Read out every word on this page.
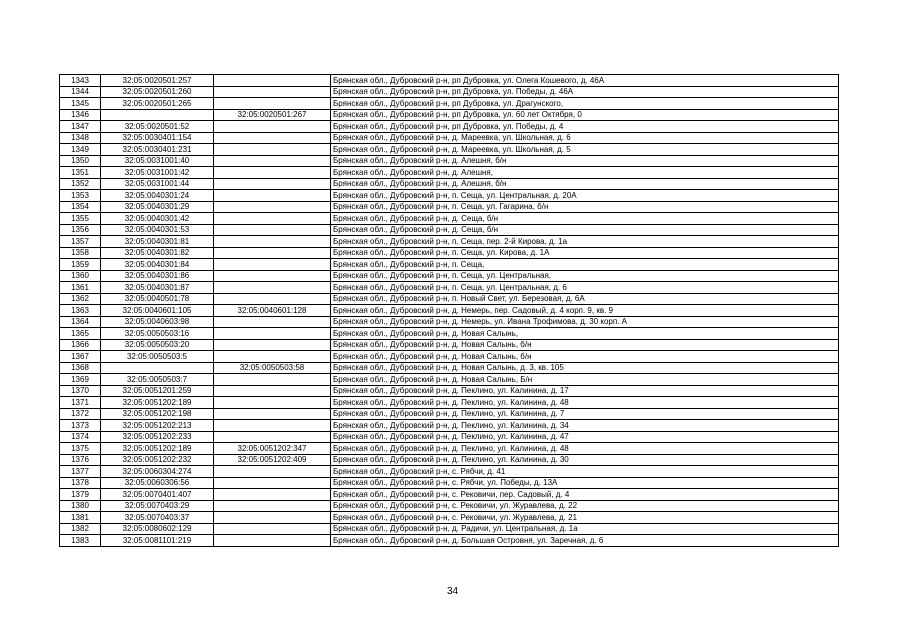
1343	32:05:0020501:257		Брянская обл., Дубровский р-н, рп Дубровка, ул. Олега Кошевого, д. 46А
1344	32:05:0020501:260		Брянская обл., Дубровский р-н, рп Дубровка, ул. Победы, д. 46А
1345	32:05:0020501:265		Брянская обл., Дубровский р-н, рп Дубровка, ул. Драгунского,
1346		32:05:0020501:267	Брянская обл., Дубровский р-н, рп Дубровка, ул. 60 лет Октября, 0
1347	32:05:0020501:52		Брянская обл., Дубровский р-н, рп Дубровка, ул. Победы, д. 4
1348	32:05:0030401:154		Брянская обл., Дубровский р-н, д. Мареевка, ул. Школьная, д. 6
1349	32:05:0030401:231		Брянская обл., Дубровский р-н, д. Мареевка, ул. Школьная, д. 5
1350	32:05:0031001:40		Брянская обл., Дубровский р-н, д. Алешня, б/н
1351	32:05:0031001:42		Брянская обл., Дубровский р-н, д. Алешня,
1352	32:05:0031001:44		Брянская обл., Дубровский р-н, д. Алешня, б/н
1353	32:05:0040301:24		Брянская обл., Дубровский р-н, п. Сеща, ул. Центральная, д. 20А
1354	32:05:0040301:29		Брянская обл., Дубровский р-н, п. Сеща, ул. Гагарина, б/н
1355	32:05:0040301:42		Брянская обл., Дубровский р-н, д. Сеща, б/н
1356	32:05:0040301:53		Брянская обл., Дубровский р-н, д. Сеща, б/н
1357	32:05:0040301:81		Брянская обл., Дубровский р-н, п. Сеща, пер. 2-й Кирова, д. 1а
1358	32:05:0040301:82		Брянская обл., Дубровский р-н, п. Сеща, ул. Кирова, д. 1А
1359	32:05:0040301:84		Брянская обл., Дубровский р-н, п. Сеща,
1360	32:05:0040301:86		Брянская обл., Дубровский р-н, п. Сеща, ул. Центральная,
1361	32:05:0040301:87		Брянская обл., Дубровский р-н, п. Сеща, ул. Центральная, д. 6
1362	32:05:0040501:78		Брянская обл., Дубровский р-н, п. Новый Свет, ул. Березовая, д. 6А
1363	32:05:0040601:105	32:05:0040601:128	Брянская обл., Дубровский р-н, д. Немерь, пер. Садовый, д. 4 корп. 9, кв. 9
1364	32:05:0040603:98		Брянская обл., Дубровский р-н, д. Немерь, ул. Ивана Трофимова, д. 30 корп. А
1365	32:05:0050503:16		Брянская обл., Дубровский р-н, д. Новая Салынь,
1366	32:05:0050503:20		Брянская обл., Дубровский р-н, д. Новая Салынь, б/н
1367	32:05:0050503:5		Брянская обл., Дубровский р-н, д. Новая Салынь, б/н
1368		32:05:0050503:58	Брянская обл., Дубровский р-н, д. Новая Салынь, д. 3, кв. 105
1369	32:05:0050503:7		Брянская обл., Дубровский р-н, д. Новая Салынь, Б/н
1370	32:05:0051201:259		Брянская обл., Дубровский р-н, д. Пеклино, ул. Калинина, д. 17
1371	32:05:0051202:189		Брянская обл., Дубровский р-н, д. Пеклино, ул. Калинина, д. 48
1372	32:05:0051202:198		Брянская обл., Дубровский р-н, д. Пеклино, ул. Калинина, д. 7
1373	32:05:0051202:213		Брянская обл., Дубровский р-н, д. Пеклино, ул. Калинина, д. 34
1374	32:05:0051202:233		Брянская обл., Дубровский р-н, д. Пеклино, ул. Калинина, д. 47
1375	32:05:0051202:189	32:05:0051202:347	Брянская обл., Дубровский р-н, д. Пеклино, ул. Калинина, д. 48
1376	32:05:0051202:232	32:05:0051202:409	Брянская обл., Дубровский р-н, д. Пеклино, ул. Калинина, д. 30
1377	32:05:0060304:274		Брянская обл., Дубровский р-н, с. Рябчи, д. 41
1378	32:05:0060306:56		Брянская обл., Дубровский р-н, с. Рябчи, ул. Победы, д. 13А
1379	32:05:0070401:407		Брянская обл., Дубровский р-н, с. Рековичи, пер. Садовый, д. 4
1380	32:05:0070403:29		Брянская обл., Дубровский р-н, с. Рековичи, ул. Журавлева, д. 22
1381	32:05:0070403:37		Брянская обл., Дубровский р-н, с. Рековичи, ул. Журавлева, д. 21
1382	32:05:0080602:129		Брянская обл., Дубровский р-н, д. Радичи, ул. Центральная, д. 1а
1383	32:05:0081101:219		Брянская обл., Дубровский р-н, д. Большая Островня, ул. Заречная, д. 6
34
